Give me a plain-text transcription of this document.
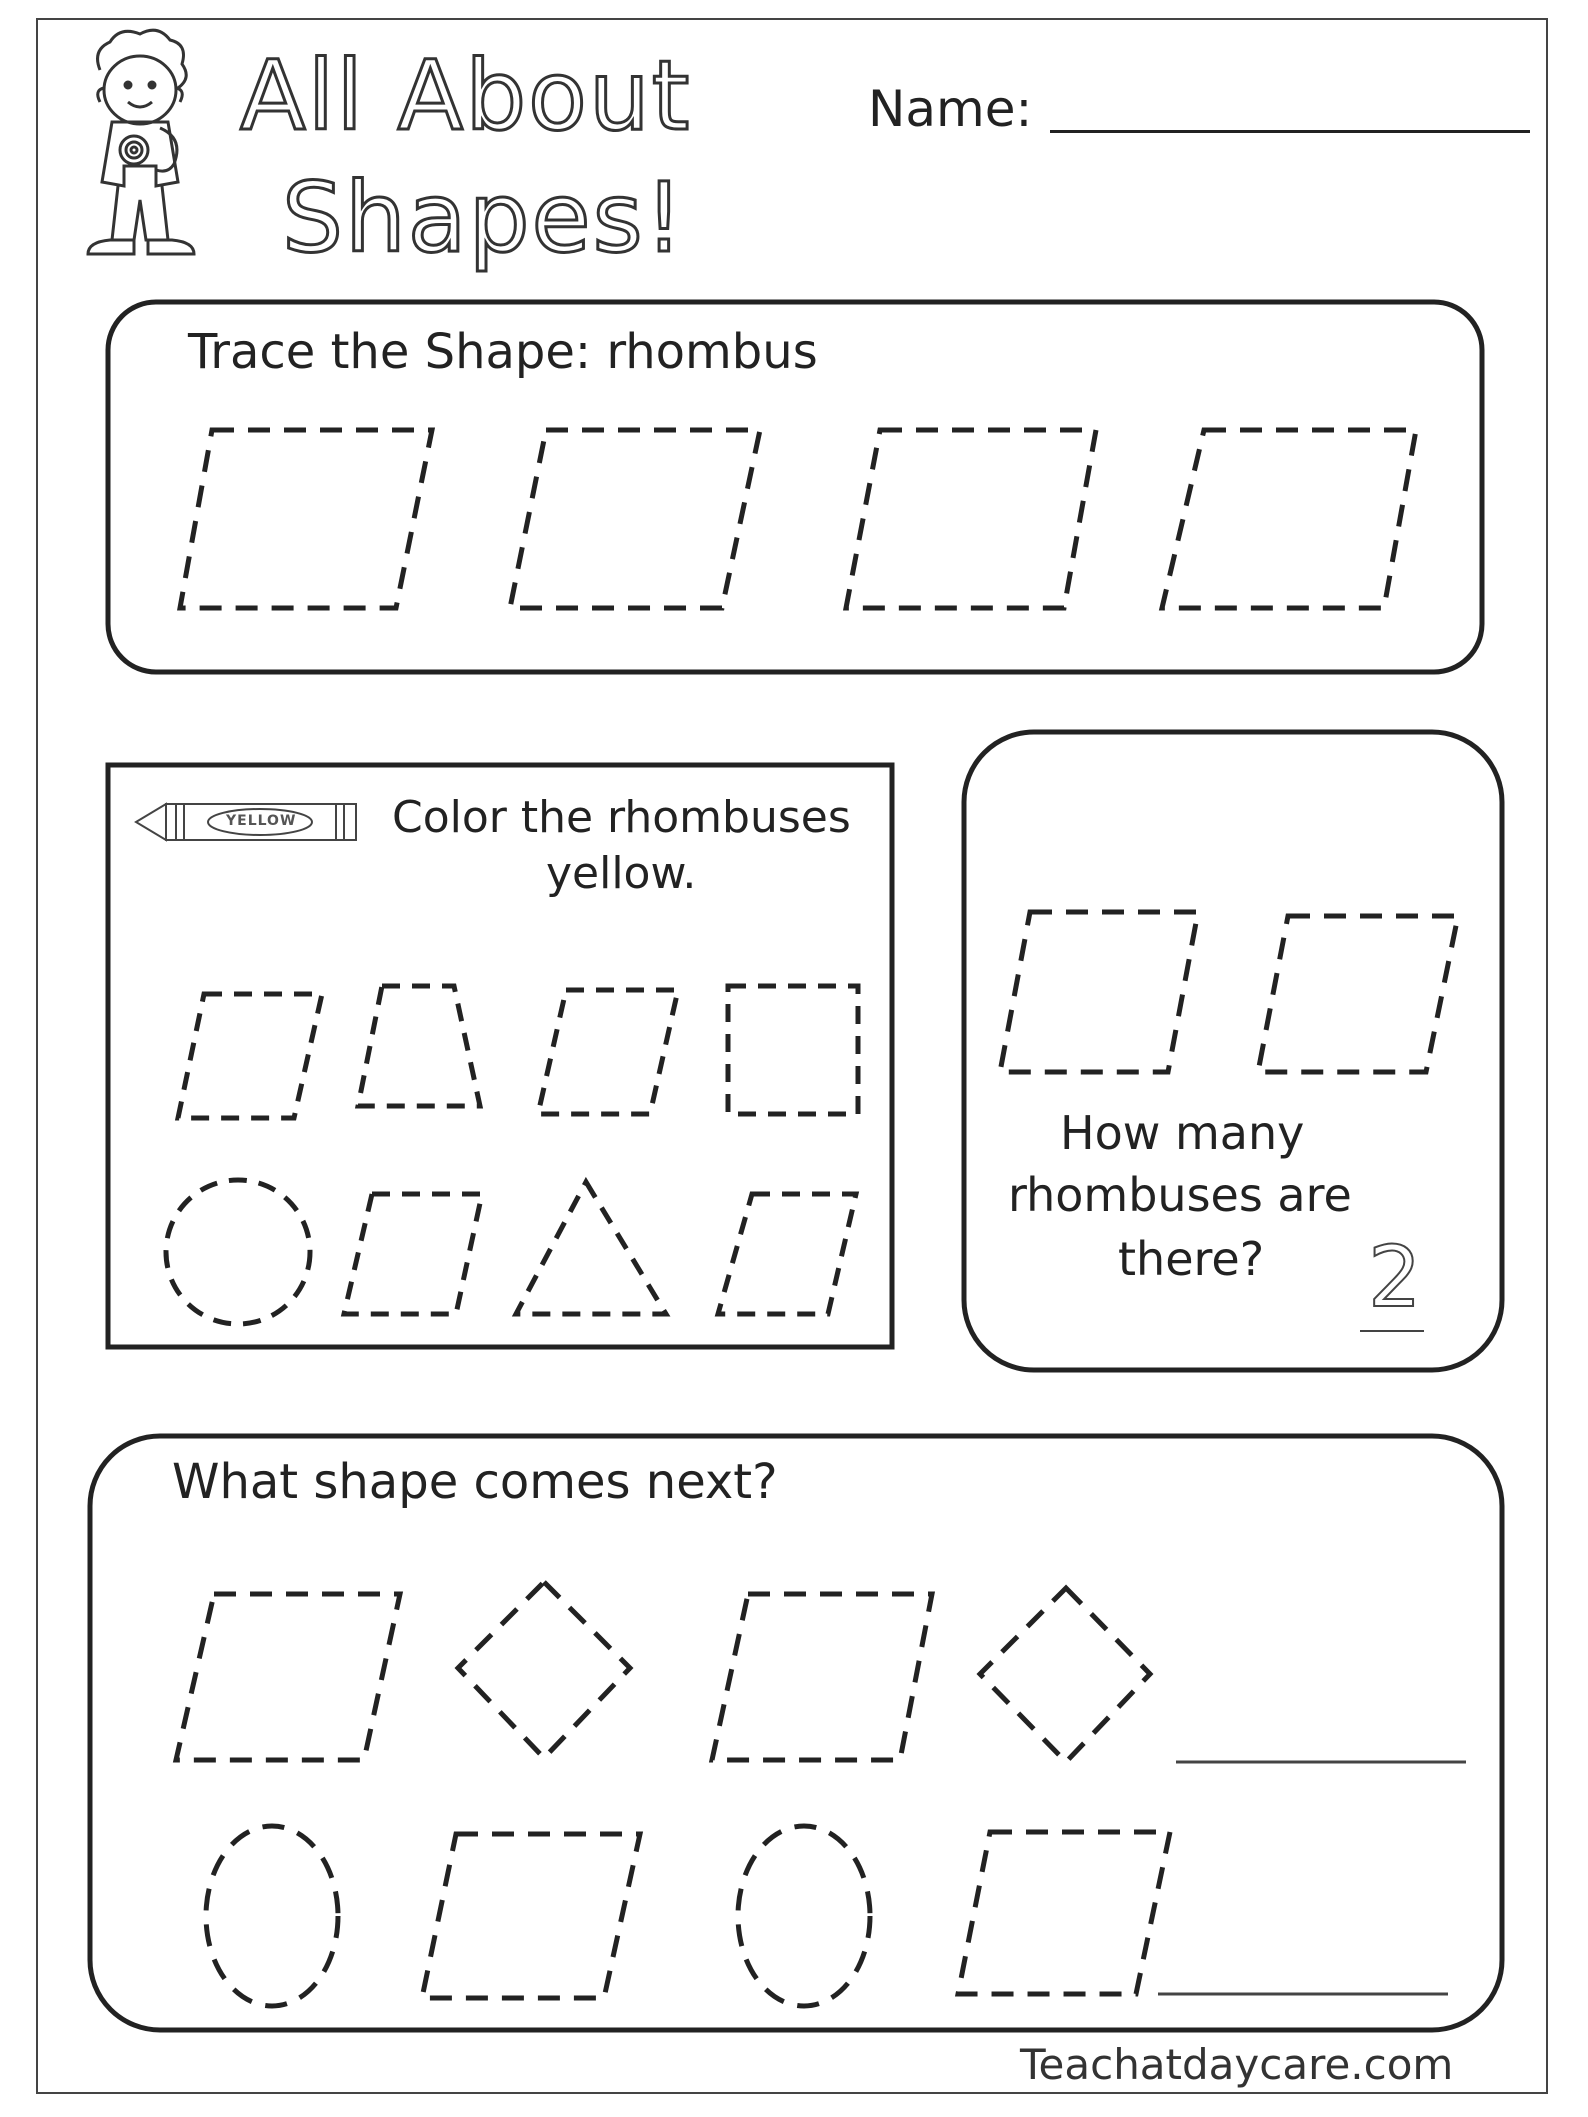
All About
Shapes!
Name:
Trace the Shape: rhombus
YELLOW Color the rhombuses
yellow.
How many
rhombuses are
there? 2
What shape comes next?
Teachatdaycare.com
